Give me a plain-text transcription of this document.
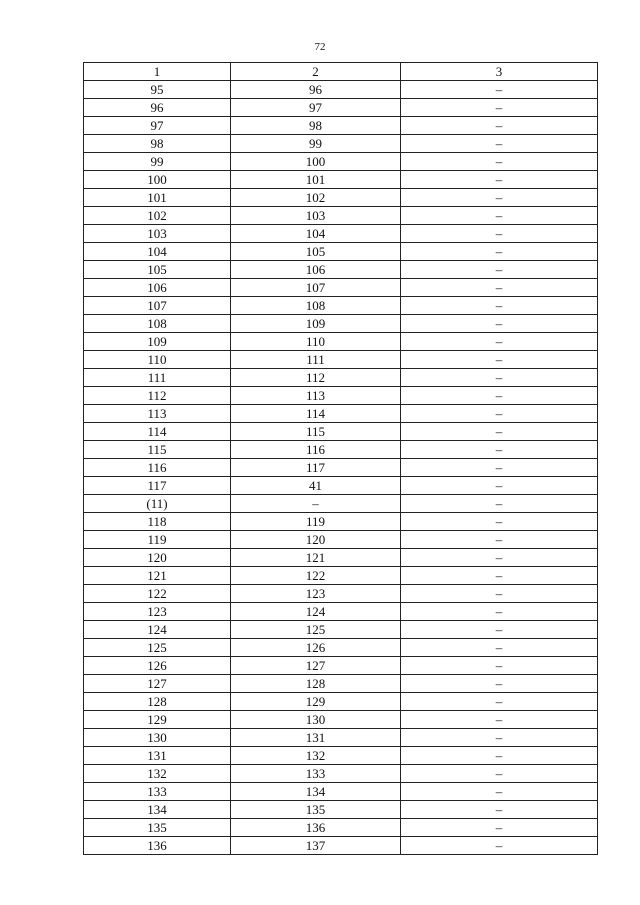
72
1	2	3
95	96	–
96	97	–
97	98	–
98	99	–
99	100	–
100	101	–
101	102	–
102	103	–
103	104	–
104	105	–
105	106	–
106	107	–
107	108	–
108	109	–
109	110	–
110	111	–
111	112	–
112	113	–
113	114	–
114	115	–
115	116	–
116	117	–
117	41	–
(11)	–	–
118	119	–
119	120	–
120	121	–
121	122	–
122	123	–
123	124	–
124	125	–
125	126	–
126	127	–
127	128	–
128	129	–
129	130	–
130	131	–
131	132	–
132	133	–
133	134	–
134	135	–
135	136	–
136	137	–
